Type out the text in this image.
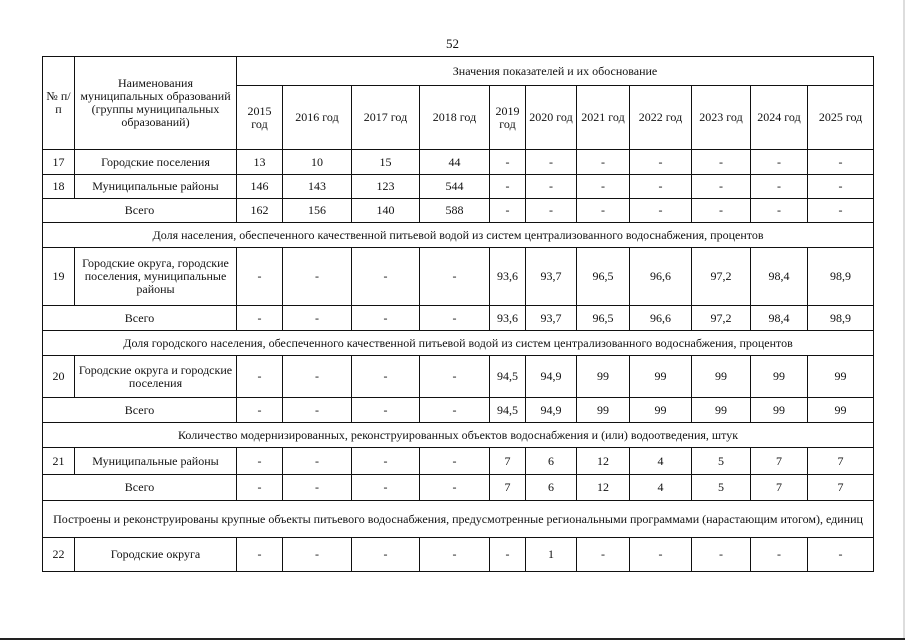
52
№ п/п	Наименования муниципальных образований (группы муниципальных образований)	Значения показателей и их обоснование										
		2015 год	2016 год	2017 год	2018 год	2019 год	2020 год	2021 год	2022 год	2023 год	2024 год	2025 год
17	Городские поселения	13	10	15	44	-	-	-	-	-	-	-
18	Муниципальные районы	146	143	123	544	-	-	-	-	-	-	-
Всего		162	156	140	588	-	-	-	-	-	-	-
Доля населения, обеспеченного качественной питьевой водой из систем централизованного водоснабжения, процентов												
19	Городские округа, городские поселения, муниципальные районы	-	-	-	-	93,6	93,7	96,5	96,6	97,2	98,4	98,9
Всего		-	-	-	-	93,6	93,7	96,5	96,6	97,2	98,4	98,9
Доля городского населения, обеспеченного качественной питьевой водой из систем централизованного водоснабжения, процентов												
20	Городские округа и городские поселения	-	-	-	-	94,5	94,9	99	99	99	99	99
Всего		-	-	-	-	94,5	94,9	99	99	99	99	99
Количество модернизированных, реконструированных объектов водоснабжения и (или) водоотведения, штук												
21	Муниципальные районы	-	-	-	-	7	6	12	4	5	7	7
Всего		-	-	-	-	7	6	12	4	5	7	7
Построены и реконструированы крупные объекты питьевого водоснабжения, предусмотренные региональными программами (нарастающим итогом), единиц												
22	Городские округа	-	-	-	-	-	1	-	-	-	-	-
